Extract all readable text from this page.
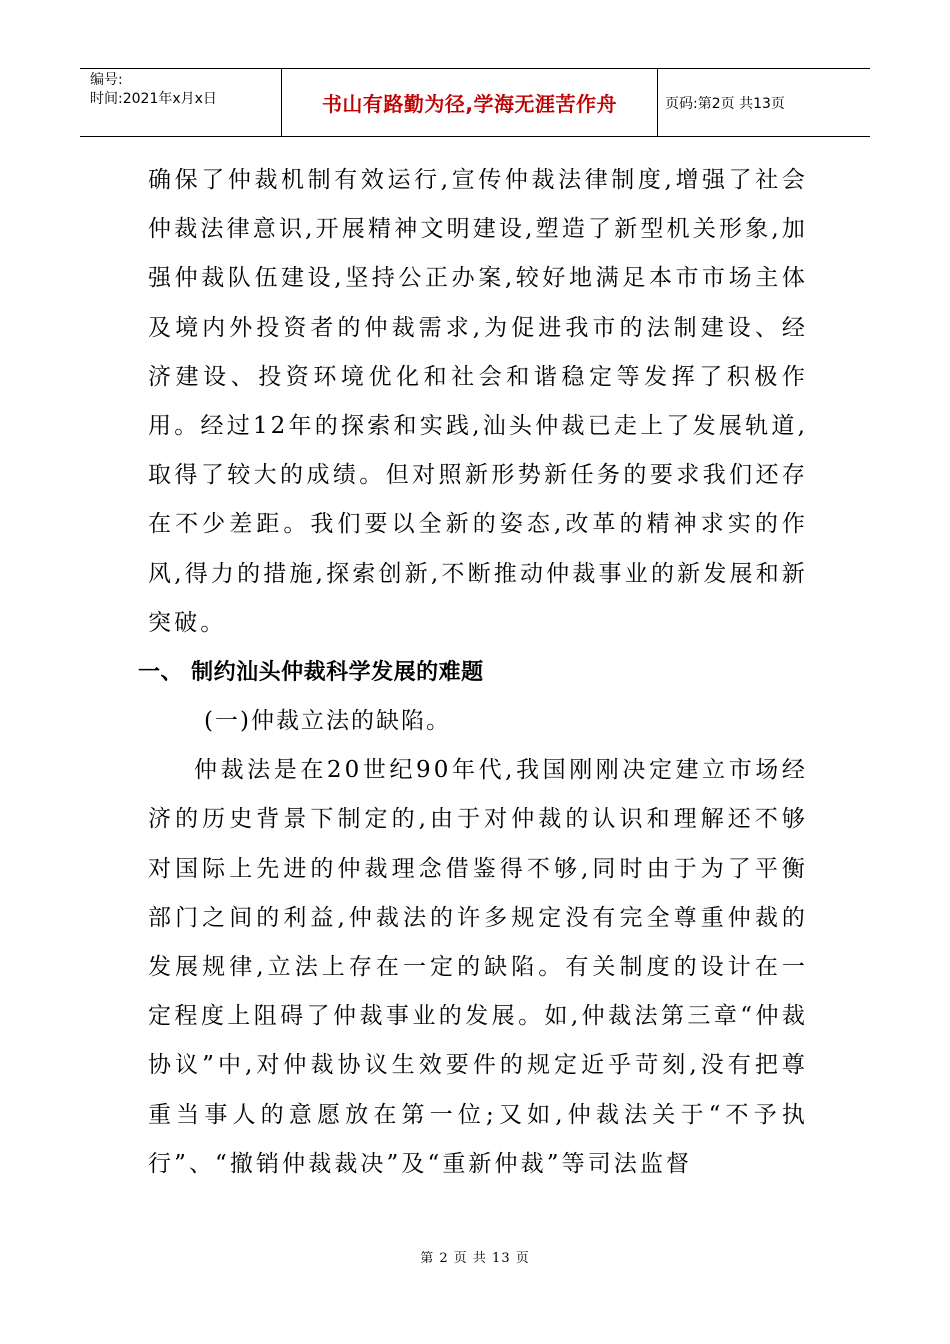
编号:
时间:2021年x月x日	书山有路勤为径,学海无涯苦作舟	页码:第2页 共13页

确保了仲裁机制有效运行,宣传仲裁法律制度,增强了社会仲裁法律意识,开展精神文明建设,塑造了新型机关形象,加强仲裁队伍建设,坚持公正办案,较好地满足本市市场主体及境内外投资者的仲裁需求,为促进我市的法制建设、经济建设、投资环境优化和社会和谐稳定等发挥了积极作用。经过12年的探索和实践,汕头仲裁已走上了发展轨道,取得了较大的成绩。但对照新形势新任务的要求我们还存在不少差距。我们要以全新的姿态,改革的精神求实的作风,得力的措施,探索创新,不断推动仲裁事业的新发展和新突破。

一、 制约汕头仲裁科学发展的难题

(一)仲裁立法的缺陷。

仲裁法是在20世纪90年代,我国刚刚决定建立市场经济的历史背景下制定的,由于对仲裁的认识和理解还不够对国际上先进的仲裁理念借鉴得不够,同时由于为了平衡部门之间的利益,仲裁法的许多规定没有完全尊重仲裁的发展规律,立法上存在一定的缺陷。有关制度的设计在一定程度上阻碍了仲裁事业的发展。如,仲裁法第三章“仲裁协议”中,对仲裁协议生效要件的规定近乎苛刻,没有把尊重当事人的意愿放在第一位;又如,仲裁法关于“不予执行”、“撤销仲裁裁决”及“重新仲裁”等司法监督

第 2 页 共 13 页
